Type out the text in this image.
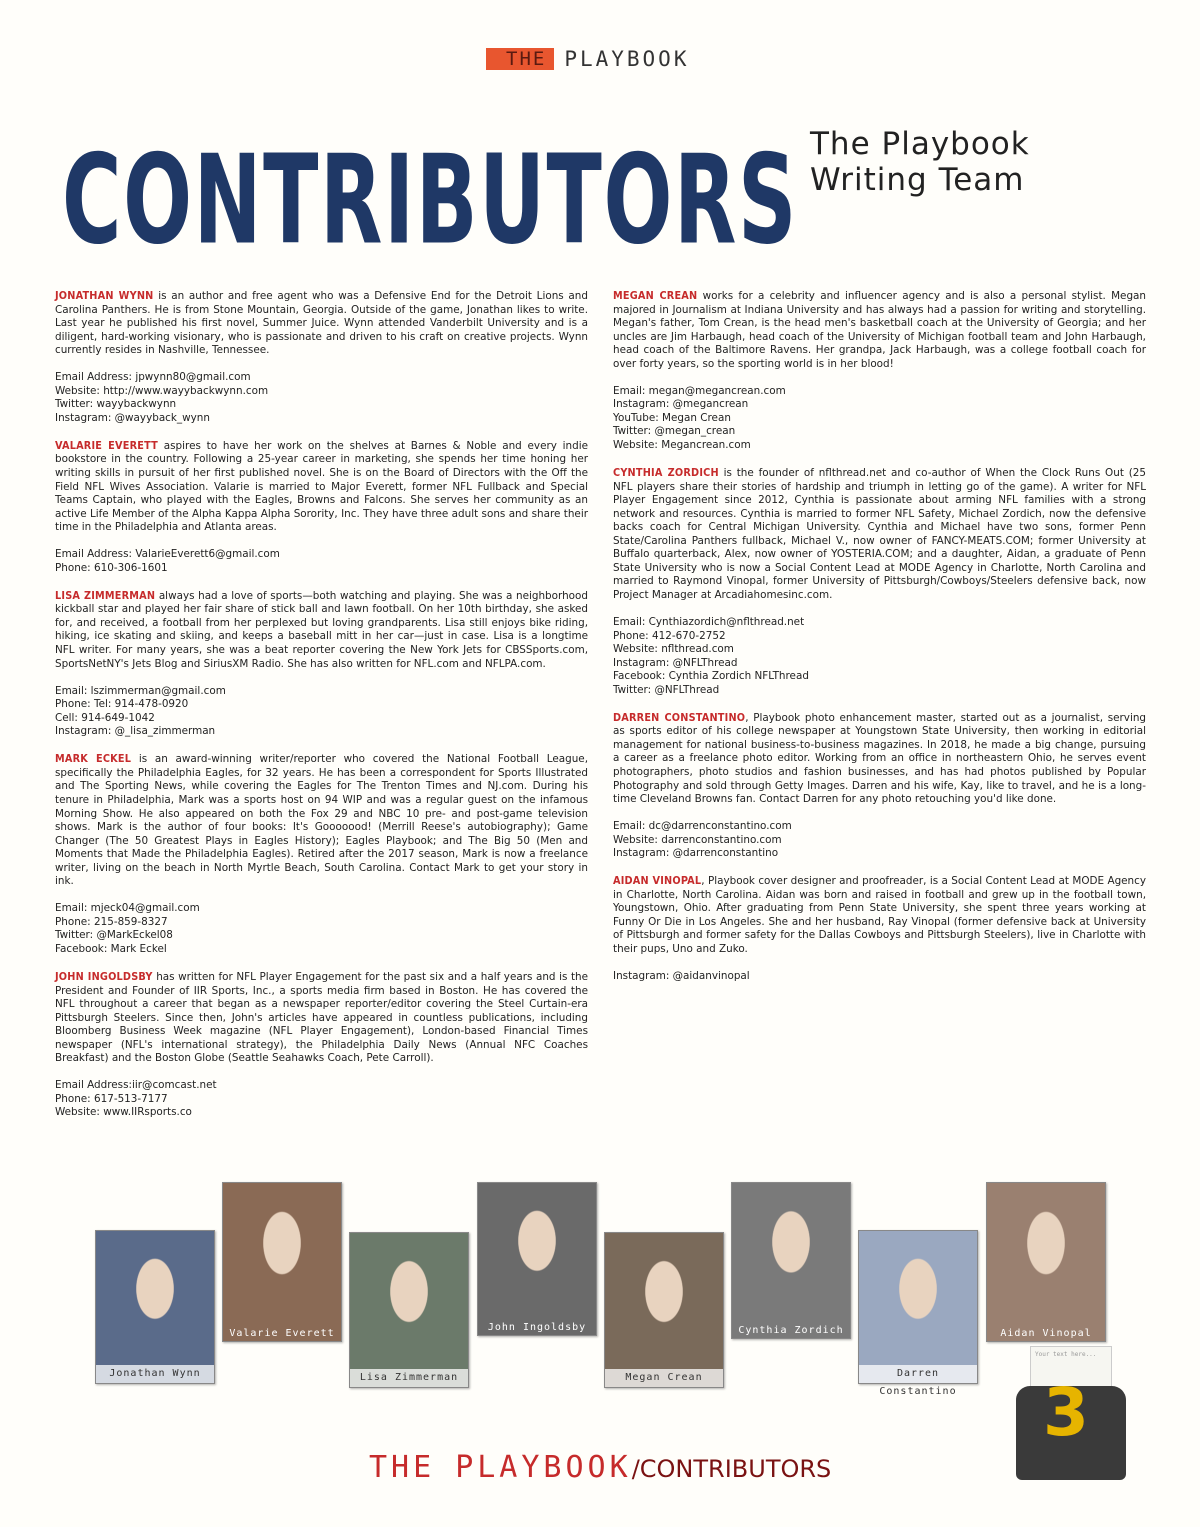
THE PLAYBOOK
CONTRIBUTORS The Playbook
Writing Team
JONATHAN WYNN is an author and free agent who was a Defensive End for the Detroit Lions and Carolina Panthers. He is from Stone Mountain, Georgia. Outside of the game, Jonathan likes to write. Last year he published his first novel, Summer Juice. Wynn attended Vanderbilt University and is a diligent, hard-working visionary, who is passionate and driven to his craft on creative projects. Wynn currently resides in Nashville, Tennessee.
Email Address: jpwynn80@gmail.com
Website: http://www.wayybackwynn.com
Twitter: wayybackwynn
Instagram: @wayyback_wynn
VALARIE EVERETT aspires to have her work on the shelves at Barnes & Noble and every indie bookstore in the country. Following a 25-year career in marketing, she spends her time honing her writing skills in pursuit of her first published novel. She is on the Board of Directors with the Off the Field NFL Wives Association. Valarie is married to Major Everett, former NFL Fullback and Special Teams Captain, who played with the Eagles, Browns and Falcons. She serves her community as an active Life Member of the Alpha Kappa Alpha Sorority, Inc. They have three adult sons and share their time in the Philadelphia and Atlanta areas.
Email Address: ValarieEverett6@gmail.com
Phone: 610-306-1601
LISA ZIMMERMAN always had a love of sports—both watching and playing. She was a neighborhood kickball star and played her fair share of stick ball and lawn football. On her 10th birthday, she asked for, and received, a football from her perplexed but loving grandparents. Lisa still enjoys bike riding, hiking, ice skating and skiing, and keeps a baseball mitt in her car—just in case. Lisa is a longtime NFL writer. For many years, she was a beat reporter covering the New York Jets for CBSSports.com, SportsNetNY's Jets Blog and SiriusXM Radio. She has also written for NFL.com and NFLPA.com.
Email: lszimmerman@gmail.com
Phone: Tel: 914-478-0920
Cell: 914-649-1042
Instagram: @_lisa_zimmerman
MARK ECKEL is an award-winning writer/reporter who covered the National Football League, specifically the Philadelphia Eagles, for 32 years. He has been a correspondent for Sports Illustrated and The Sporting News, while covering the Eagles for The Trenton Times and NJ.com. During his tenure in Philadelphia, Mark was a sports host on 94 WIP and was a regular guest on the infamous Morning Show. He also appeared on both the Fox 29 and NBC 10 pre- and post-game television shows. Mark is the author of four books: It's Gooooood! (Merrill Reese's autobiography); Game Changer (The 50 Greatest Plays in Eagles History); Eagles Playbook; and The Big 50 (Men and Moments that Made the Philadelphia Eagles). Retired after the 2017 season, Mark is now a freelance writer, living on the beach in North Myrtle Beach, South Carolina. Contact Mark to get your story in ink.
Email: mjeck04@gmail.com
Phone: 215-859-8327
Twitter: @MarkEckel08
Facebook: Mark Eckel
JOHN INGOLDSBY has written for NFL Player Engagement for the past six and a half years and is the President and Founder of IIR Sports, Inc., a sports media firm based in Boston. He has covered the NFL throughout a career that began as a newspaper reporter/editor covering the Steel Curtain-era Pittsburgh Steelers. Since then, John's articles have appeared in countless publications, including Bloomberg Business Week magazine (NFL Player Engagement), London-based Financial Times newspaper (NFL's international strategy), the Philadelphia Daily News (Annual NFC Coaches Breakfast) and the Boston Globe (Seattle Seahawks Coach, Pete Carroll).
Email Address:iir@comcast.net
Phone: 617-513-7177
Website: www.IIRsports.co
MEGAN CREAN works for a celebrity and influencer agency and is also a personal stylist. Megan majored in Journalism at Indiana University and has always had a passion for writing and storytelling. Megan's father, Tom Crean, is the head men's basketball coach at the University of Georgia; and her uncles are Jim Harbaugh, head coach of the University of Michigan football team and John Harbaugh, head coach of the Baltimore Ravens. Her grandpa, Jack Harbaugh, was a college football coach for over forty years, so the sporting world is in her blood!
Email: megan@megancrean.com
Instagram: @megancrean
YouTube: Megan Crean
Twitter: @megan_crean
Website: Megancrean.com
CYNTHIA ZORDICH is the founder of nflthread.net and co-author of When the Clock Runs Out (25 NFL players share their stories of hardship and triumph in letting go of the game). A writer for NFL Player Engagement since 2012, Cynthia is passionate about arming NFL families with a strong network and resources. Cynthia is married to former NFL Safety, Michael Zordich, now the defensive backs coach for Central Michigan University. Cynthia and Michael have two sons, former Penn State/Carolina Panthers fullback, Michael V., now owner of FANCY-MEATS.COM; former University at Buffalo quarterback, Alex, now owner of YOSTERIA.COM; and a daughter, Aidan, a graduate of Penn State University who is now a Social Content Lead at MODE Agency in Charlotte, North Carolina and married to Raymond Vinopal, former University of Pittsburgh/Cowboys/Steelers defensive back, now Project Manager at Arcadiahomesinc.com.
Email: Cynthiazordich@nflthread.net
Phone: 412-670-2752
Website: nflthread.com
Instagram: @NFLThread
Facebook: Cynthia Zordich NFLThread
Twitter: @NFLThread
DARREN CONSTANTINO, Playbook photo enhancement master, started out as a journalist, serving as sports editor of his college newspaper at Youngstown State University, then working in editorial management for national business-to-business magazines. In 2018, he made a big change, pursuing a career as a freelance photo editor. Working from an office in northeastern Ohio, he serves event photographers, photo studios and fashion businesses, and has had photos published by Popular Photography and sold through Getty Images. Darren and his wife, Kay, like to travel, and he is a long-time Cleveland Browns fan. Contact Darren for any photo retouching you'd like done.
Email: dc@darrenconstantino.com
Website: darrenconstantino.com
Instagram: @darrenconstantino
AIDAN VINOPAL, Playbook cover designer and proofreader, is a Social Content Lead at MODE Agency in Charlotte, North Carolina. Aidan was born and raised in football and grew up in the football town, Youngstown, Ohio. After graduating from Penn State University, she spent three years working at Funny Or Die in Los Angeles. She and her husband, Ray Vinopal (former defensive back at University of Pittsburgh and former safety for the Dallas Cowboys and Pittsburgh Steelers), live in Charlotte with their pups, Uno and Zuko.
Instagram: @aidanvinopal
Jonathan Wynn
Valarie Everett
Lisa Zimmerman
John Ingoldsby
Megan Crean
Cynthia Zordich
Darren Constantino
Aidan Vinopal
Your text here...
3
THE PLAYBOOK /CONTRIBUTORS
